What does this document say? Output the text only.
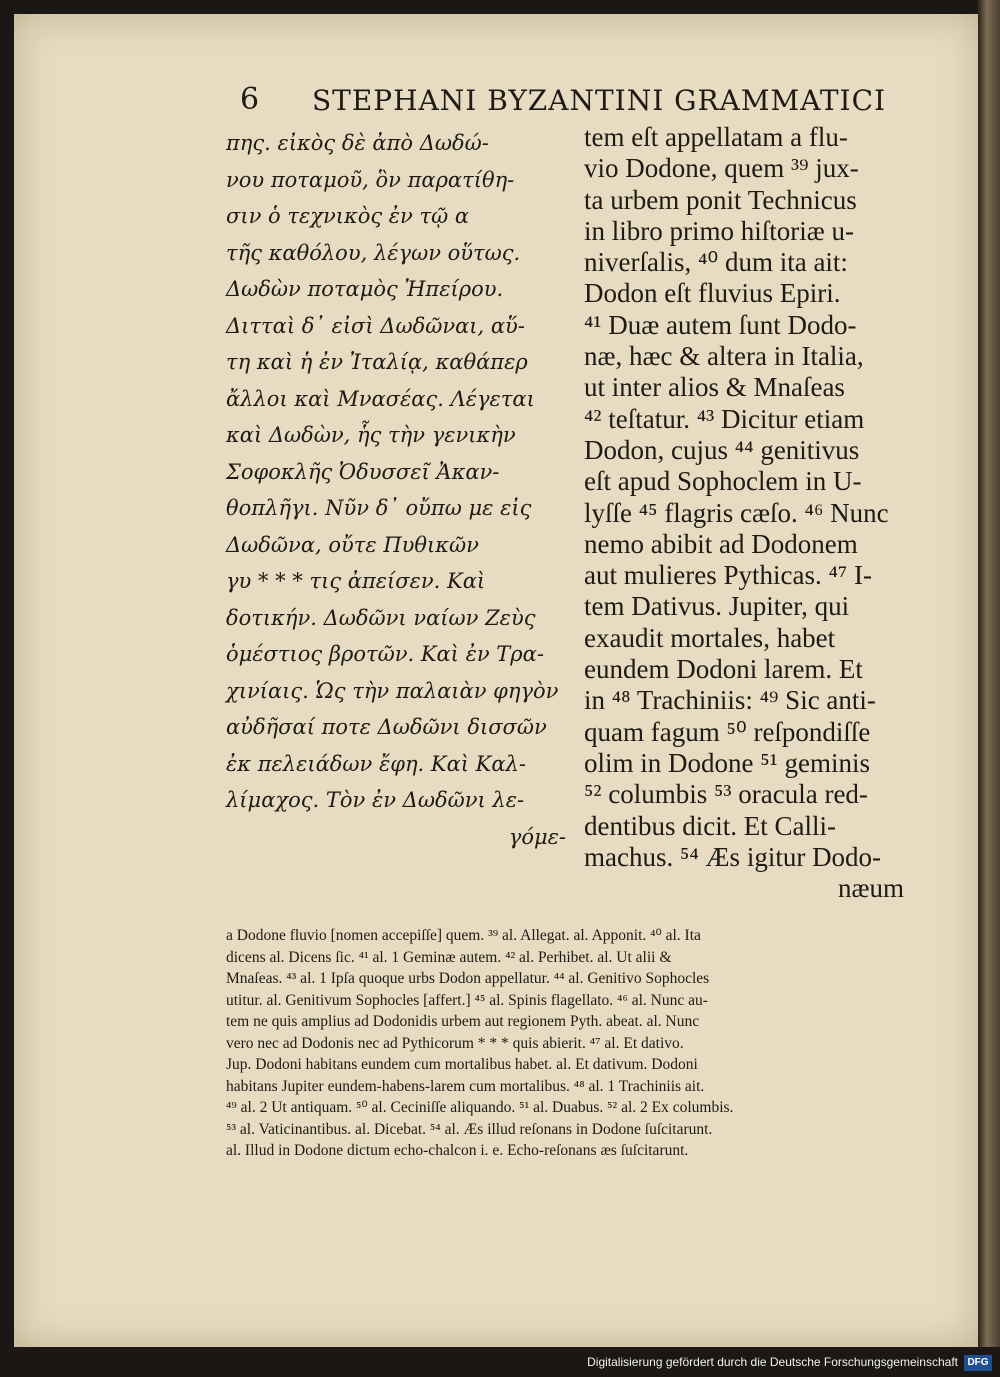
6 STEPHANI BYZANTINI GRAMMATICI
πης. εἰκὸς δὲ ἀπὸ Δωδώ-
νου ποταμοῦ, ὃν παρατίθη-
σιν ὁ τεχνικὸς ἐν τῷ α
τῆς καθόλου, λέγων οὕτως.
Δωδὼν ποταμὸς Ἠπείρου.
Διτταὶ δ᾽ εἰσὶ Δωδῶναι, αὕ-
τη καὶ ἡ ἐν Ἰταλίᾳ, καθάπερ
ἄλλοι καὶ Μνασέας. Λέγεται
καὶ Δωδὼν, ἧς τὴν γενικὴν
Σοφοκλῆς Ὀδυσσεῖ Ἀκαν-
θοπλῆγι. Νῦν δ᾽ οὔπω με εἰς
Δωδῶνα, οὔτε Πυθικῶν
γυ * * * τις ἀπείσεν. Καὶ
δοτικήν. Δωδῶνι ναίων Ζεὺς
ὁμέστιος βροτῶν. Καὶ ἐν Τρα-
χινίαις. Ὡς τὴν παλαιὰν φηγὸν
αὐδῆσαί ποτε Δωδῶνι δισσῶν
ἐκ πελειάδων ἔφη. Καὶ Καλ-
λίμαχος. Τὸν ἐν Δωδῶνι λε-
γόμε-
tem eſt appellatam a flu-
vio Dodone, quem ³⁹ jux-
ta urbem ponit Technicus
in libro primo hiſtoriæ u-
niverſalis, ⁴⁰ dum ita ait:
Dodon eſt fluvius Epiri.
⁴¹ Duæ autem ſunt Dodo-
næ, hæc & altera in Italia,
ut inter alios & Mnaſeas
⁴² teſtatur. ⁴³ Dicitur etiam
Dodon, cujus ⁴⁴ genitivus
eſt apud Sophoclem in U-
lyſſe ⁴⁵ flagris cæſo. ⁴⁶ Nunc
nemo abibit ad Dodonem
aut mulieres Pythicas. ⁴⁷ I-
tem Dativus. Jupiter, qui
exaudit mortales, habet
eundem Dodoni larem. Et
in ⁴⁸ Trachiniis: ⁴⁹ Sic anti-
quam fagum ⁵⁰ reſpondiſſe
olim in Dodone ⁵¹ geminis
⁵² columbis ⁵³ oracula red-
dentibus dicit. Et Calli-
machus. ⁵⁴ Æs igitur Dodo-
næum
a Dodone fluvio [nomen accepiſſe] quem. ³⁹ al. Allegat. al. Apponit. ⁴⁰ al. Ita
dicens al. Dicens ſic. ⁴¹ al. 1 Geminæ autem. ⁴² al. Perhibet. al. Ut alii &
Mnaſeas. ⁴³ al. 1 Ipſa quoque urbs Dodon appellatur. ⁴⁴ al. Genitivo Sophocles
utitur. al. Genitivum Sophocles [affert.] ⁴⁵ al. Spinis flagellato. ⁴⁶ al. Nunc au-
tem ne quis amplius ad Dodonidis urbem aut regionem Pyth. abeat. al. Nunc
vero nec ad Dodonis nec ad Pythicorum * * * quis abierit. ⁴⁷ al. Et dativo.
Jup. Dodoni habitans eundem cum mortalibus habet. al. Et dativum. Dodoni
habitans Jupiter eundem-habens-larem cum mortalibus. ⁴⁸ al. 1 Trachiniis ait.
⁴⁹ al. 2 Ut antiquam. ⁵⁰ al. Ceciniſſe aliquando. ⁵¹ al. Duabus. ⁵² al. 2 Ex columbis.
⁵³ al. Vaticinantibus. al. Dicebat. ⁵⁴ al. Æs illud reſonans in Dodone ſuſcitarunt.
al. Illud in Dodone dictum echo-chalcon i. e. Echo-reſonans æs ſuſcitarunt.
Digitalisierung gefördert durch die Deutsche Forschungsgemeinschaft DFG
